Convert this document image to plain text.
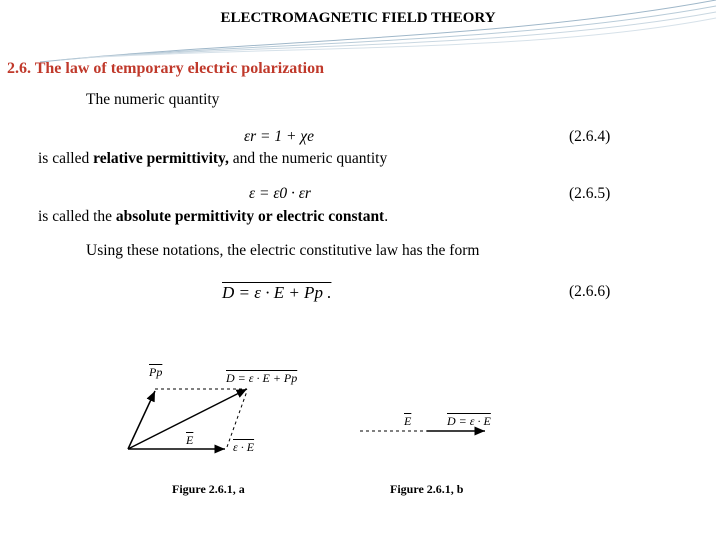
ELECTROMAGNETIC FIELD THEORY
2.6. The law of temporary electric polarization
The numeric quantity
εr = 1 + χe	(2.6.4)
is called relative permittivity, and the numeric quantity
ε = ε0 · εr	(2.6.5)
is called the absolute permittivity or electric constant.
Using these notations, the electric constitutive law has the form
D = ε · E + Pp .	(2.6.6)
$\overline{Pp}$	D = ε · E + Pp
$\overline{E}$	ε · E
Figure 2.6.1, a
$\overline{E}$	D = ε · E
Figure 2.6.1, b
